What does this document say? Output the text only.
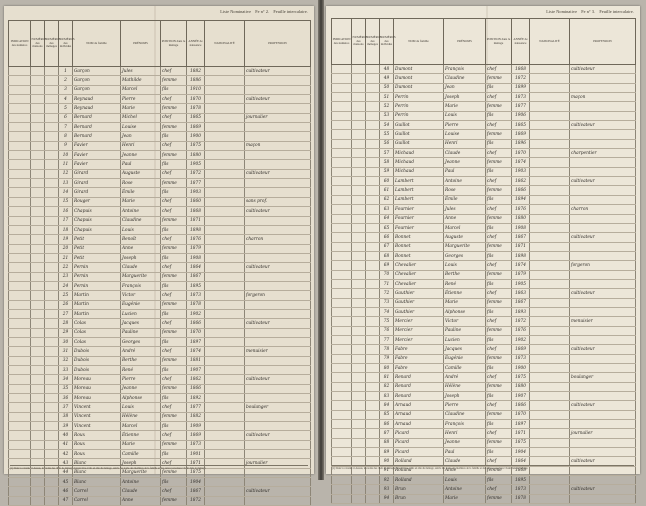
Liste Nominative Fe n° 2. Feuille intercalaire.
INDICATION des numéros	NUMÉROS des maisons	NUMÉROS des ménages	NUMÉROS des individus	NOM de famille	PRÉNOMS	POSITION dans le ménage	ANNÉE de naissance	NATIONALITÉ	PROFESSION
			1	Garçon	Jules	chef	1882		cultivateur
			2	Garçon	Mathilde	femme	1886		
			3	Garçon	Marcel	fils	1910		
			4	Reynaud	Pierre	chef	1870		cultivateur
			5	Reynaud	Marie	femme	1878		
			6	Bernard	Michel	chef	1865		journalier
			7	Bernard	Louise	femme	1869		
			8	Bernard	Jean	fils	1900		
			9	Favier	Henri	chef	1875		maçon
			10	Favier	Jeanne	femme	1880		
			11	Favier	Paul	fils	1905		
			12	Girard	Auguste	chef	1872		cultivateur
			13	Girard	Rose	femme	1877		
			14	Girard	Émile	fils	1903		
			15	Rouger	Marie	chef	1860		sans prof.
			16	Chapuis	Antoine	chef	1868		cultivateur
			17	Chapuis	Claudine	femme	1871		
			18	Chapuis	Louis	fils	1898		
			19	Petit	Benoît	chef	1876		charron
			20	Petit	Anne	femme	1879		
			21	Petit	Joseph	fils	1908		
			22	Pernin	Claude	chef	1864		cultivateur
			23	Pernin	Marguerite	femme	1867		
			24	Pernin	François	fils	1895		
			25	Martin	Victor	chef	1873		forgeron
			26	Martin	Eugénie	femme	1878		
			27	Martin	Lucien	fils	1902		
			28	Colas	Jacques	chef	1866		cultivateur
			29	Colas	Pauline	femme	1870		
			30	Colas	Georges	fils	1897		
			31	Dubois	André	chef	1874		menuisier
			32	Dubois	Berthe	femme	1881		
			33	Dubois	René	fils	1907		
			34	Moreau	Pierre	chef	1862		cultivateur
			35	Moreau	Jeanne	femme	1866		
			36	Moreau	Alphonse	fils	1892		
			37	Vincent	Louis	chef	1877		boulanger
			38	Vincent	Hélène	femme	1882		
			39	Vincent	Marcel	fils	1909		
			40	Roux	Étienne	chef	1869		cultivateur
			41	Roux	Marie	femme	1873		
			42	Roux	Camille	fils	1901		
			43	Blanc	Joseph	chef	1871		journalier
			44	Blanc	Marguerite	femme	1875		
			45	Blanc	Antoine	fils	1904		
			46	Carrel	Claude	chef	1867		cultivateur
			47	Carrel	Anne	femme	1872		
(1) Dans la colonne ci-dessus, les noms des chefs de ménage doivent être écrits en tête du ménage, suivis des noms des membres de la famille et des autres personnes vivant dans le ménage.
Liste Nominative Fe n° 3. Feuille intercalaire.
INDICATION des numéros	NUMÉROS des maisons	NUMÉROS des ménages	NUMÉROS des individus	NOM de famille	PRÉNOMS	POSITION dans le ménage	ANNÉE de naissance	NATIONALITÉ	PROFESSION
			48	Dumont	François	chef	1868		cultivateur
			49	Dumont	Claudine	femme	1872		
			50	Dumont	Jean	fils	1899		
			51	Perrin	Joseph	chef	1873		maçon
			52	Perrin	Marie	femme	1877		
			53	Perrin	Louis	fils	1906		
			54	Guillot	Pierre	chef	1865		cultivateur
			55	Guillot	Louise	femme	1869		
			56	Guillot	Henri	fils	1896		
			57	Michaud	Claude	chef	1870		charpentier
			58	Michaud	Jeanne	femme	1874		
			59	Michaud	Paul	fils	1903		
			60	Lambert	Antoine	chef	1862		cultivateur
			61	Lambert	Rose	femme	1866		
			62	Lambert	Émile	fils	1894		
			63	Fournier	Jules	chef	1876		charron
			64	Fournier	Anne	femme	1880		
			65	Fournier	Marcel	fils	1908		
			66	Bonnet	Auguste	chef	1867		cultivateur
			67	Bonnet	Marguerite	femme	1871		
			68	Bonnet	Georges	fils	1898		
			69	Chevalier	Louis	chef	1874		forgeron
			70	Chevalier	Berthe	femme	1879		
			71	Chevalier	René	fils	1905		
			72	Gauthier	Étienne	chef	1863		cultivateur
			73	Gauthier	Marie	femme	1867		
			74	Gauthier	Alphonse	fils	1893		
			75	Mercier	Victor	chef	1872		menuisier
			76	Mercier	Pauline	femme	1876		
			77	Mercier	Lucien	fils	1902		
			78	Fabre	Jacques	chef	1869		cultivateur
			79	Fabre	Eugénie	femme	1873		
			80	Fabre	Camille	fils	1900		
			81	Renard	André	chef	1875		boulanger
			82	Renard	Hélène	femme	1880		
			83	Renard	Joseph	fils	1907		
			84	Arnaud	Pierre	chef	1866		cultivateur
			85	Arnaud	Claudine	femme	1870		
			86	Arnaud	François	fils	1897		
			87	Picard	Henri	chef	1871		journalier
			88	Picard	Jeanne	femme	1875		
			89	Picard	Paul	fils	1904		
			90	Rolland	Claude	chef	1864		cultivateur
			91	Rolland	Anne	femme	1868		
			92	Rolland	Louis	fils	1895		
			93	Brun	Antoine	chef	1873		cultivateur
			94	Brun	Marie	femme	1878		
(1) Dans la colonne ci-dessus, les noms des chefs de ménage doivent être écrits en tête du ménage, suivis des noms des membres de la famille et des autres personnes vivant dans le ménage.
